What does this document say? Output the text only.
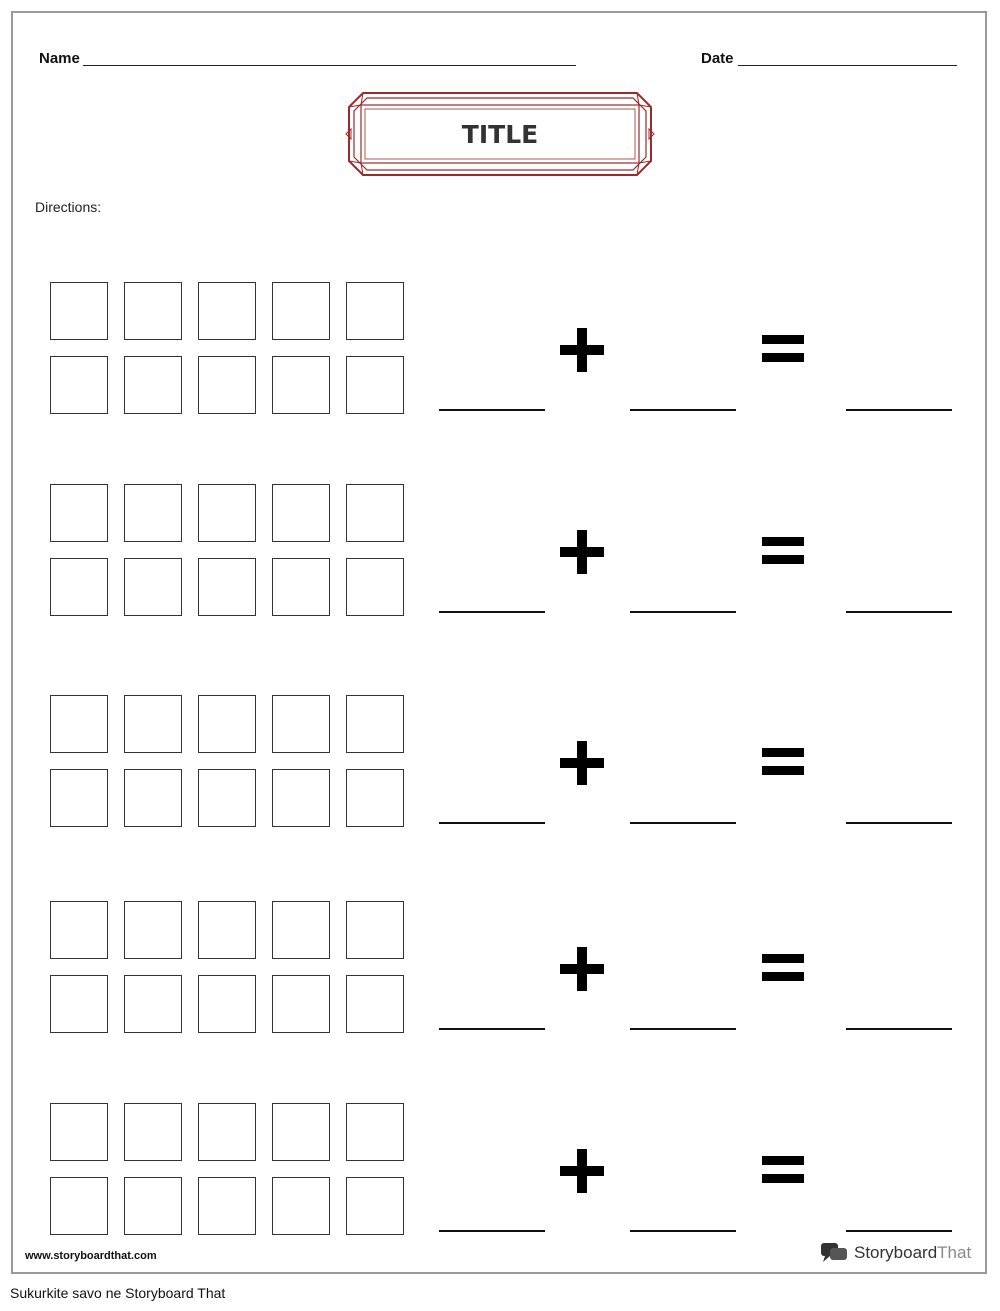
Name	Date
TITLE
Directions:
www.storyboardthat.com	StoryboardThat
Sukurkite savo ne Storyboard That
